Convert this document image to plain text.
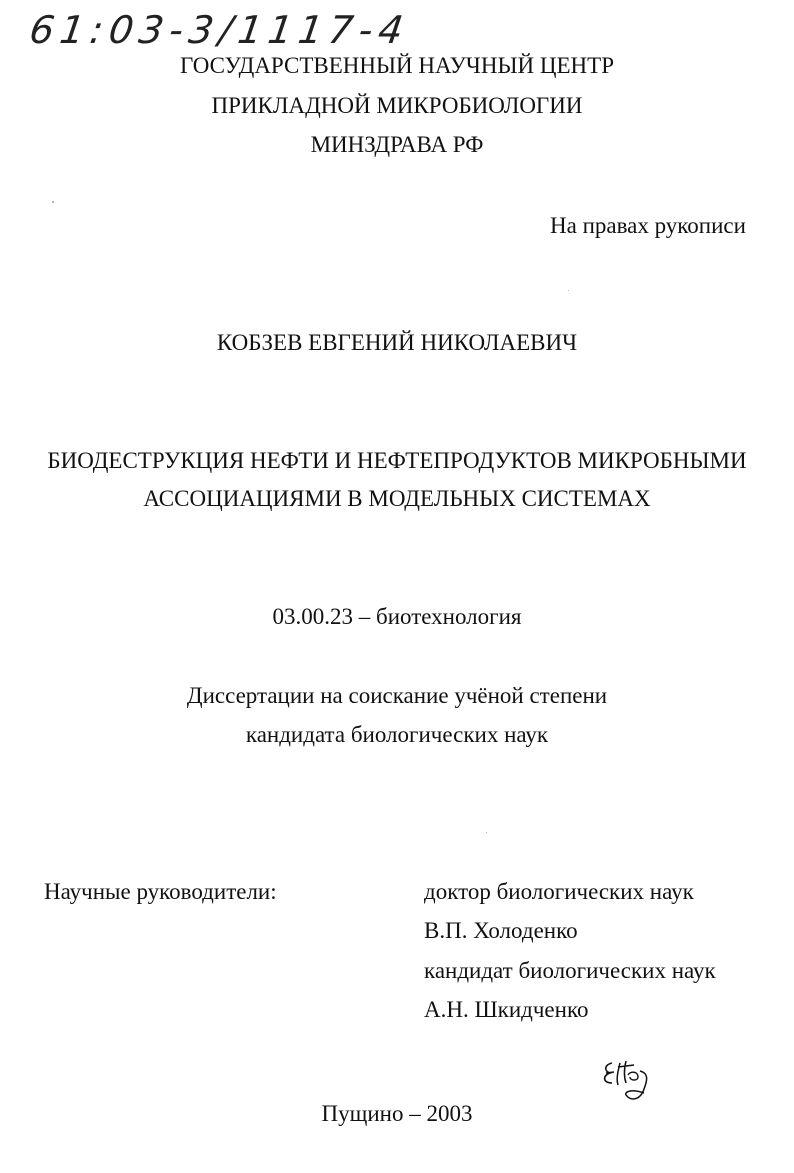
61:03-3/1117-4
ГОСУДАРСТВЕННЫЙ НАУЧНЫЙ ЦЕНТР
ПРИКЛАДНОЙ МИКРОБИОЛОГИИ
МИНЗДРАВА РФ
На правах рукописи
КОБЗЕВ ЕВГЕНИЙ НИКОЛАЕВИЧ
БИОДЕСТРУКЦИЯ НЕФТИ И НЕФТЕПРОДУКТОВ МИКРОБНЫМИ
АССОЦИАЦИЯМИ В МОДЕЛЬНЫХ СИСТЕМАХ
03.00.23 – биотехнология
Диссертации на соискание учёной степени
кандидата биологических наук
Научные руководители:	доктор биологических наук
В.П. Холоденко
кандидат биологических наук
А.Н. Шкидченко
Пущино – 2003
